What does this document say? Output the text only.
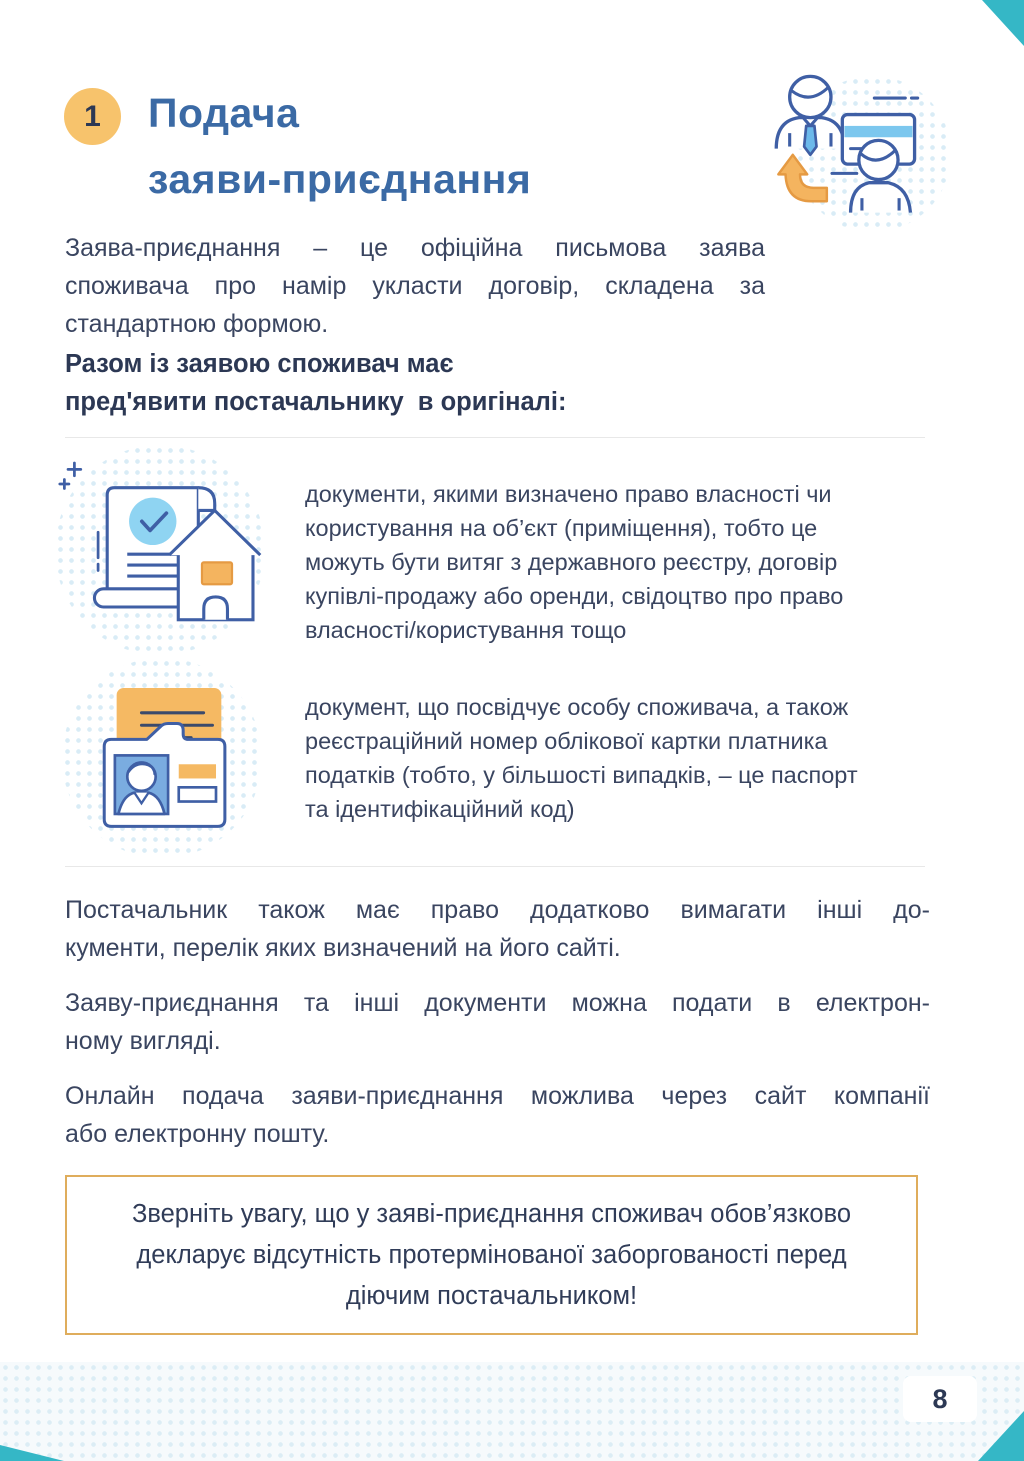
1	Подача
заяви-приєднання
Заява-приєднання – це офіційна письмова заява
споживача про намір укласти договір, складена за
стандартною формою.
Разом із заявою споживач має
пред'явити постачальнику  в оригіналі:
документи, якими визначено право власності чи
користування на об’єкт (приміщення), тобто це
можуть бути витяг з державного реєстру, договір
купівлі-продажу або оренди, свідоцтво про право
власності/користування тощо
документ, що посвідчує особу споживача, а також
реєстраційний номер облікової картки платника
податків (тобто, у більшості випадків, – це паспорт
та ідентифікаційний код)
Постачальник також має право додатково вимагати інші до-
кументи, перелік яких визначений на його сайті.
Заяву-приєднання та інші документи можна подати в електрон-
ному вигляді.
Онлайн подача заяви-приєднання можлива через сайт компанії
або електронну пошту.
Зверніть увагу, що у заяві-приєднання споживач обов’язково
декларує відсутність протермінованої заборгованості перед
діючим постачальником!
8
